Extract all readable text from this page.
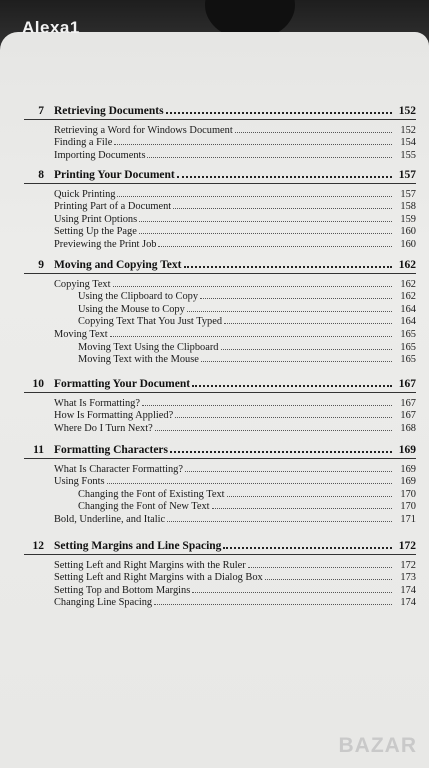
BAZAR
Alexa1
7 Retrieving Documents	152
Retrieving a Word for Windows Document	152
Finding a File	154
Importing Documents	155
8 Printing Your Document	157
Quick Printing	157
Printing Part of a Document	158
Using Print Options	159
Setting Up the Page	160
Previewing the Print Job	160
9 Moving and Copying Text	162
Copying Text	162
Using the Clipboard to Copy	162
Using the Mouse to Copy	164
Copying Text That You Just Typed	164
Moving Text	165
Moving Text Using the Clipboard	165
Moving Text with the Mouse	165
10 Formatting Your Document	167
What Is Formatting?	167
How Is Formatting Applied?	167
Where Do I Turn Next?	168
11 Formatting Characters	169
What Is Character Formatting?	169
Using Fonts	169
Changing the Font of Existing Text	170
Changing the Font of New Text	170
Bold, Underline, and Italic	171
12 Setting Margins and Line Spacing	172
Setting Left and Right Margins with the Ruler	172
Setting Left and Right Margins with a Dialog Box	173
Setting Top and Bottom Margins	174
Changing Line Spacing	174
